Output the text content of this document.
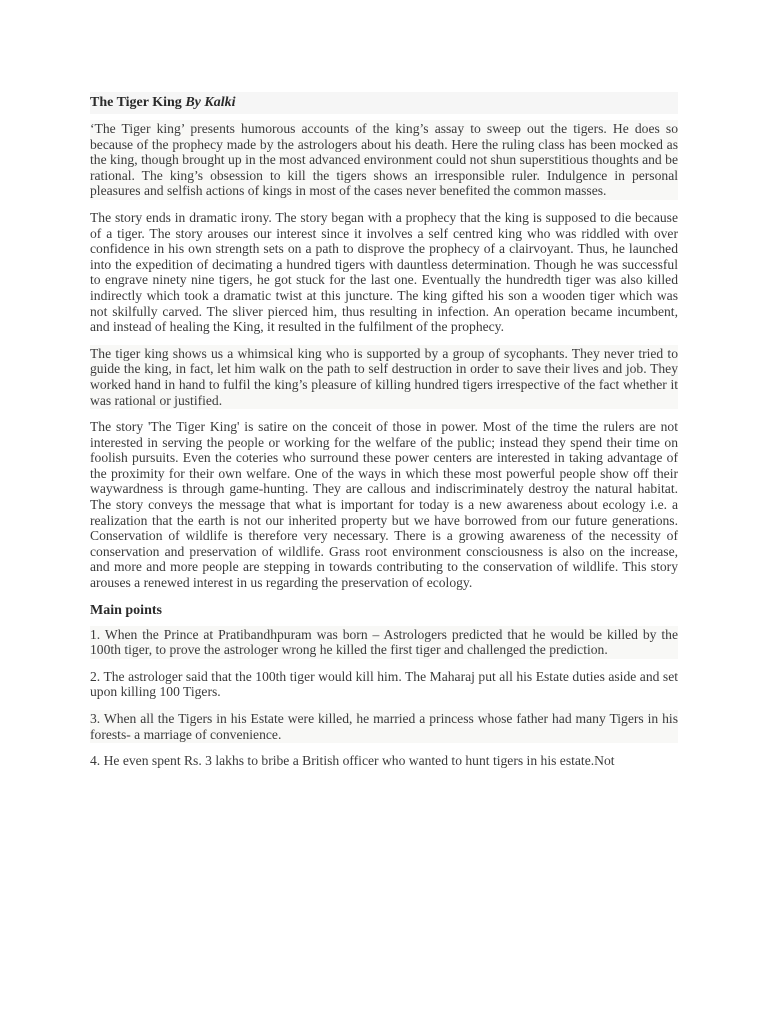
The Tiger King By Kalki

‘The Tiger king’ presents humorous accounts of the king’s assay to sweep out the tigers. He does so because of the prophecy made by the astrologers about his death. Here the ruling class has been mocked as the king, though brought up in the most advanced environment could not shun superstitious thoughts and be rational. The king’s obsession to kill the tigers shows an irresponsible ruler. Indulgence in personal pleasures and selfish actions of kings in most of the cases never benefited the common masses.

The story ends in dramatic irony. The story began with a prophecy that the king is supposed to die because of a tiger. The story arouses our interest since it involves a self centred king who was riddled with over confidence in his own strength sets on a path to disprove the prophecy of a clairvoyant. Thus, he launched into the expedition of decimating a hundred tigers with dauntless determination. Though he was successful to engrave ninety nine tigers, he got stuck for the last one. Eventually the hundredth tiger was also killed indirectly which took a dramatic twist at this juncture. The king gifted his son a wooden tiger which was not skilfully carved. The sliver pierced him, thus resulting in infection. An operation became incumbent, and instead of healing the King, it resulted in the fulfilment of the prophecy.

The tiger king shows us a whimsical king who is supported by a group of sycophants. They never tried to guide the king, in fact, let him walk on the path to self destruction in order to save their lives and job. They worked hand in hand to fulfil the king’s pleasure of killing hundred tigers irrespective of the fact whether it was rational or justified.

The story 'The Tiger King' is satire on the conceit of those in power. Most of the time the rulers are not interested in serving the people or working for the welfare of the public; instead they spend their time on foolish pursuits. Even the coteries who surround these power centers are interested in taking advantage of the proximity for their own welfare. One of the ways in which these most powerful people show off their waywardness is through game-hunting. They are callous and indiscriminately destroy the natural habitat. The story conveys the message that what is important for today is a new awareness about ecology i.e. a realization that the earth is not our inherited property but we have borrowed from our future generations. Conservation of wildlife is therefore very necessary. There is a growing awareness of the necessity of conservation and preservation of wildlife. Grass root environment consciousness is also on the increase, and more and more people are stepping in towards contributing to the conservation of wildlife. This story arouses a renewed interest in us regarding the preservation of ecology.

Main points

1. When the Prince at Pratibandhpuram was born – Astrologers predicted that he would be killed by the 100th tiger, to prove the astrologer wrong he killed the first tiger and challenged the prediction.

2. The astrologer said that the 100th tiger would kill him. The Maharaj put all his Estate duties aside and set upon killing 100 Tigers.

3. When all the Tigers in his Estate were killed, he married a princess whose father had many Tigers in his forests- a marriage of convenience.

4. He even spent Rs. 3 lakhs to bribe a British officer who wanted to hunt tigers in his estate.Not
